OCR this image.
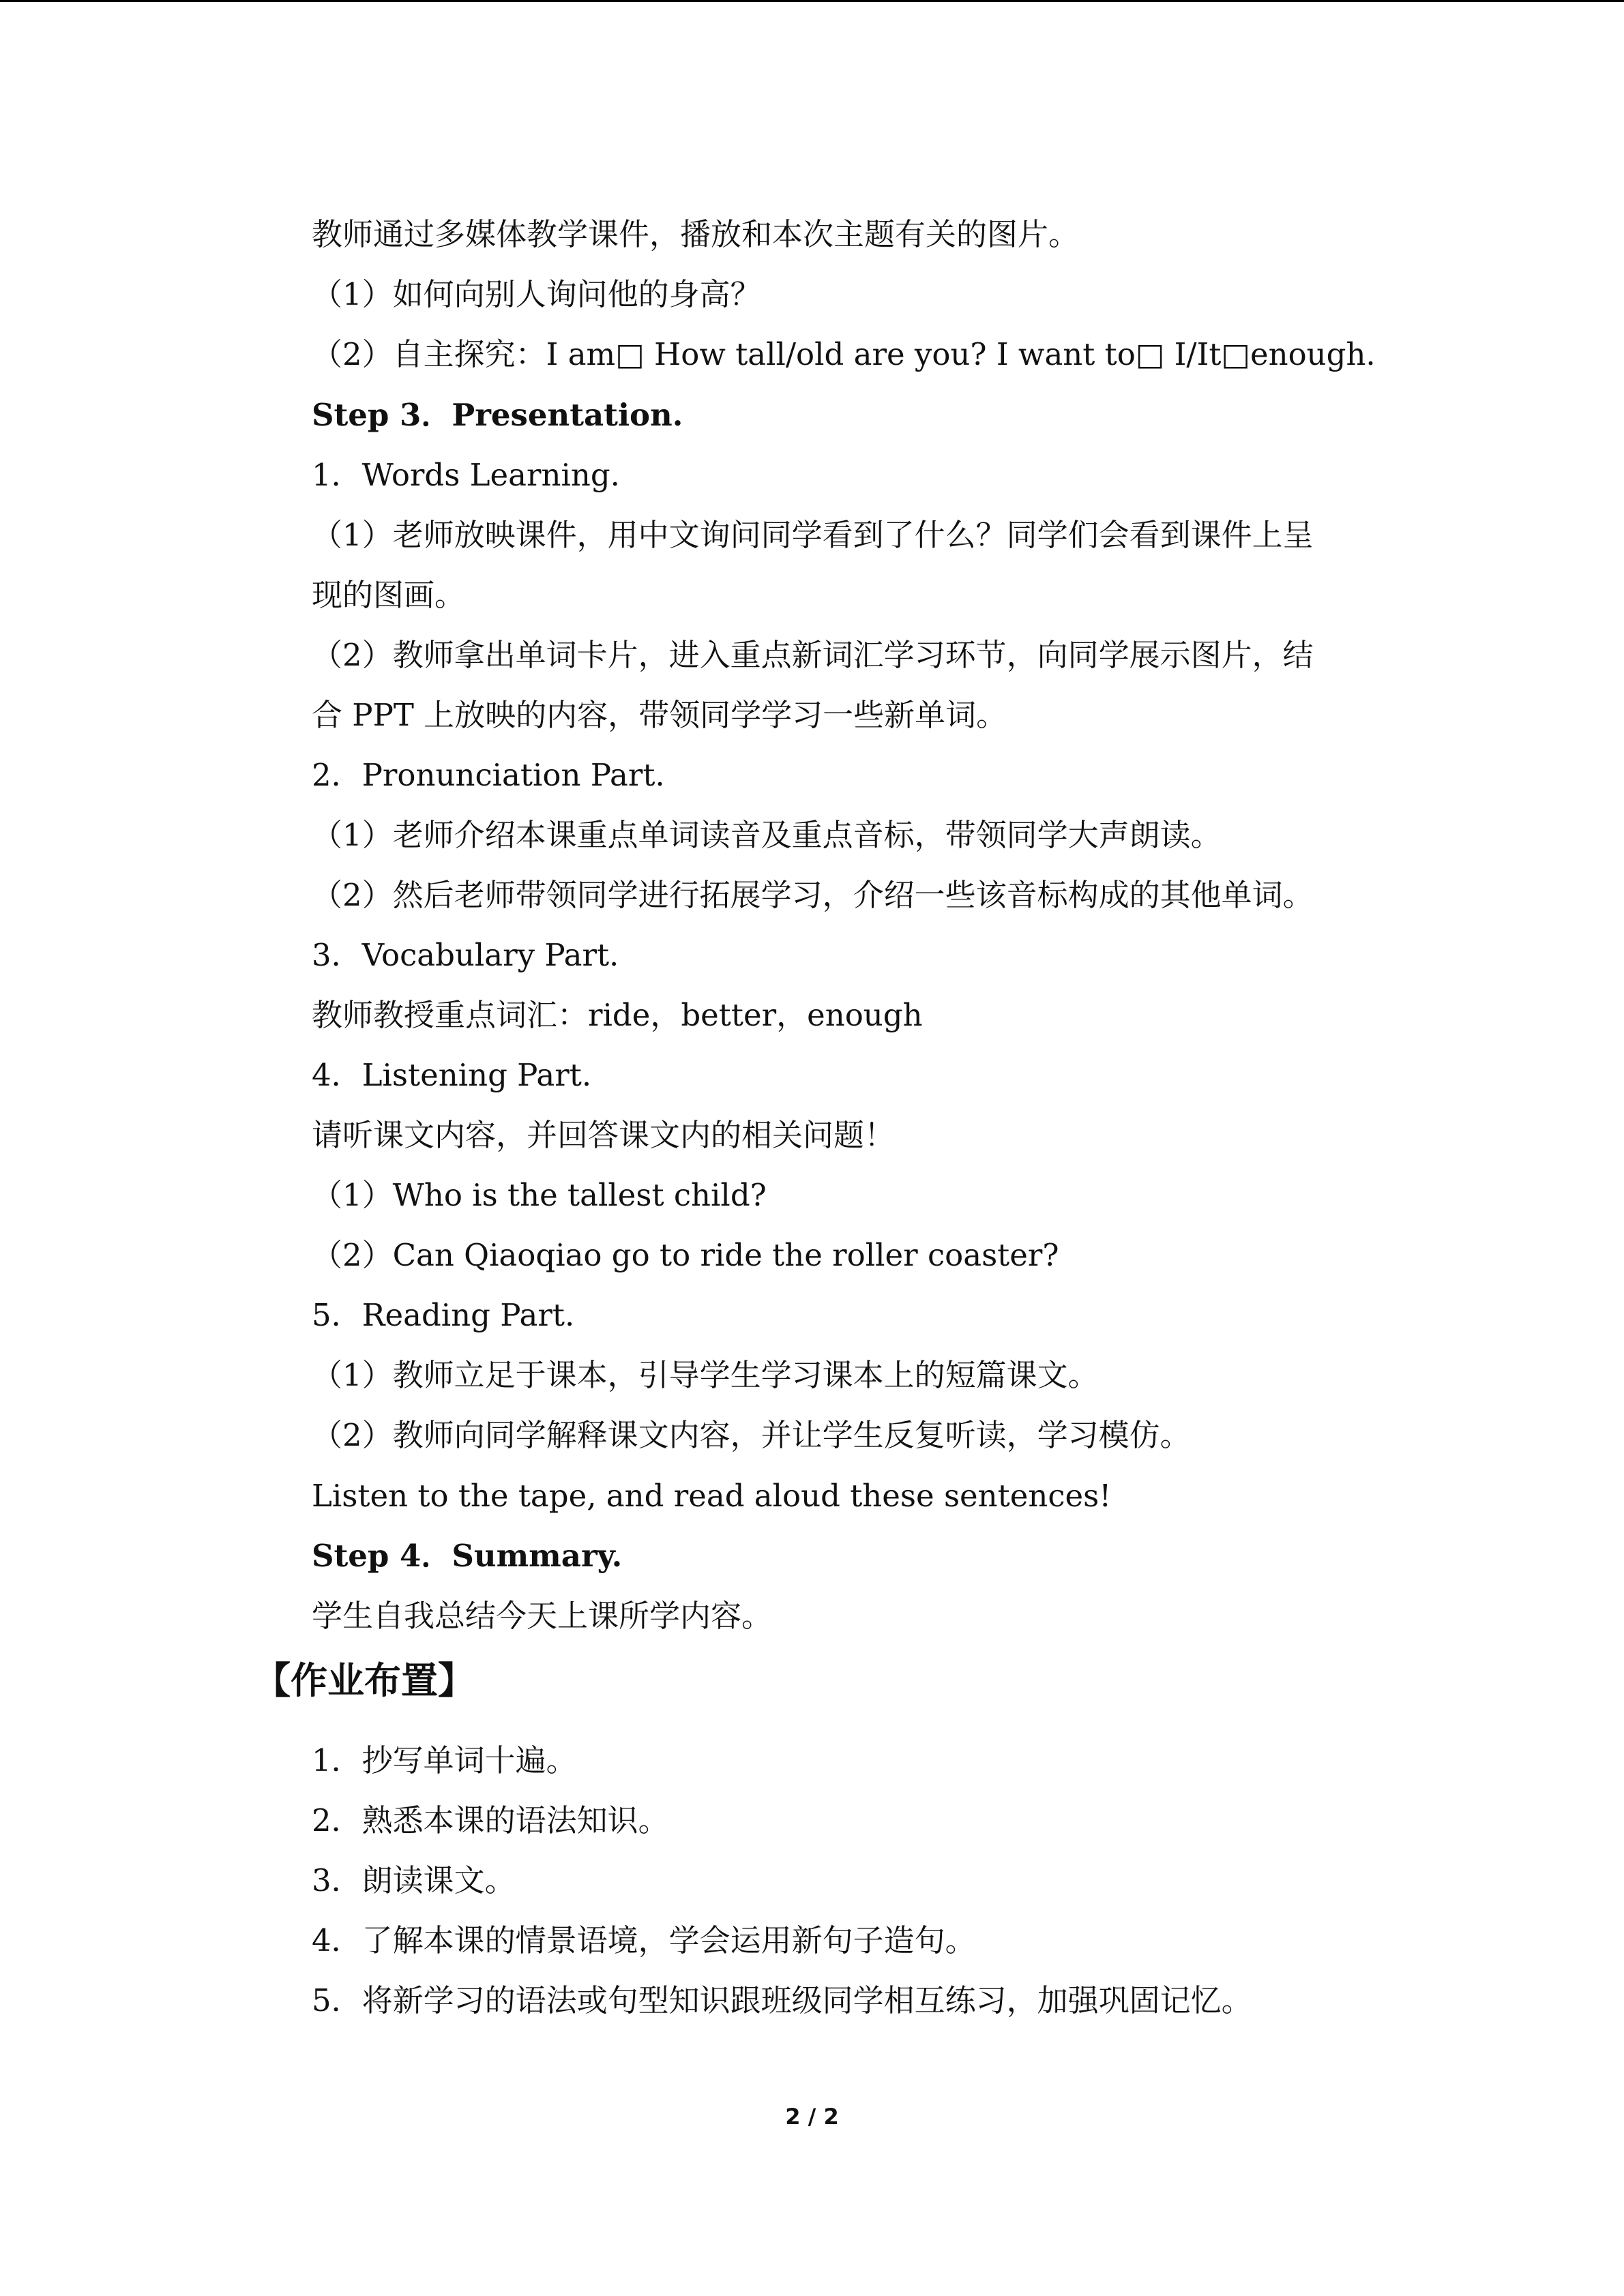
教师通过多媒体教学课件，播放和本次主题有关的图片。
（1）如何向别人询问他的身高？
（2）自主探究：I am□ How tall/old are you? I want to□ I/It□enough.
Step 3．Presentation.
1．Words Learning.
（1）老师放映课件，用中文询问同学看到了什么？同学们会看到课件上呈
现的图画。
（2）教师拿出单词卡片，进入重点新词汇学习环节，向同学展示图片，结
合 PPT 上放映的内容，带领同学学习一些新单词。
2．Pronunciation Part.
（1）老师介绍本课重点单词读音及重点音标，带领同学大声朗读。
（2）然后老师带领同学进行拓展学习，介绍一些该音标构成的其他单词。
3．Vocabulary Part.
教师教授重点词汇：ride，better，enough
4．Listening Part.
请听课文内容，并回答课文内的相关问题！
（1）Who is the tallest child?
（2）Can Qiaoqiao go to ride the roller coaster?
5．Reading Part.
（1）教师立足于课本，引导学生学习课本上的短篇课文。
（2）教师向同学解释课文内容，并让学生反复听读，学习模仿。
Listen to the tape, and read aloud these sentences!
Step 4．Summary.
学生自我总结今天上课所学内容。
【作业布置】
1．抄写单词十遍。
2．熟悉本课的语法知识。
3．朗读课文。
4．了解本课的情景语境，学会运用新句子造句。
5．将新学习的语法或句型知识跟班级同学相互练习，加强巩固记忆。
2 / 2
